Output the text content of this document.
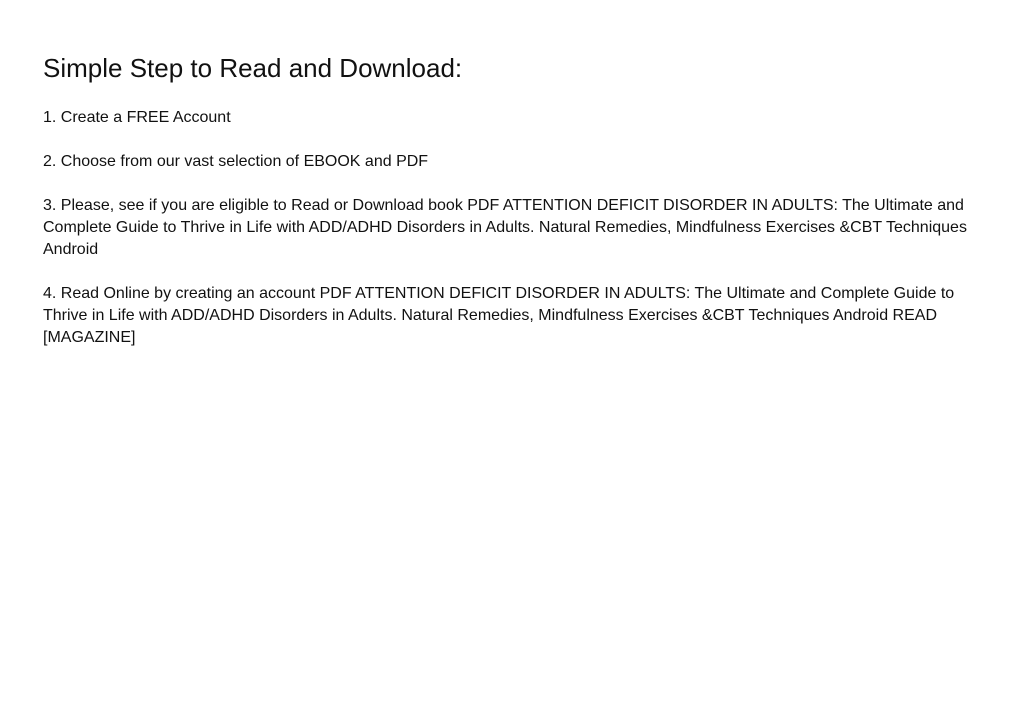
Simple Step to Read and Download:
1. Create a FREE Account
2. Choose from our vast selection of EBOOK and PDF
3. Please, see if you are eligible to Read or Download book PDF ATTENTION DEFICIT DISORDER IN ADULTS: The Ultimate and Complete Guide to Thrive in Life with ADD/ADHD Disorders in Adults. Natural Remedies, Mindfulness Exercises &CBT Techniques Android
4. Read Online by creating an account PDF ATTENTION DEFICIT DISORDER IN ADULTS: The Ultimate and Complete Guide to Thrive in Life with ADD/ADHD Disorders in Adults. Natural Remedies, Mindfulness Exercises &CBT Techniques Android READ [MAGAZINE]
